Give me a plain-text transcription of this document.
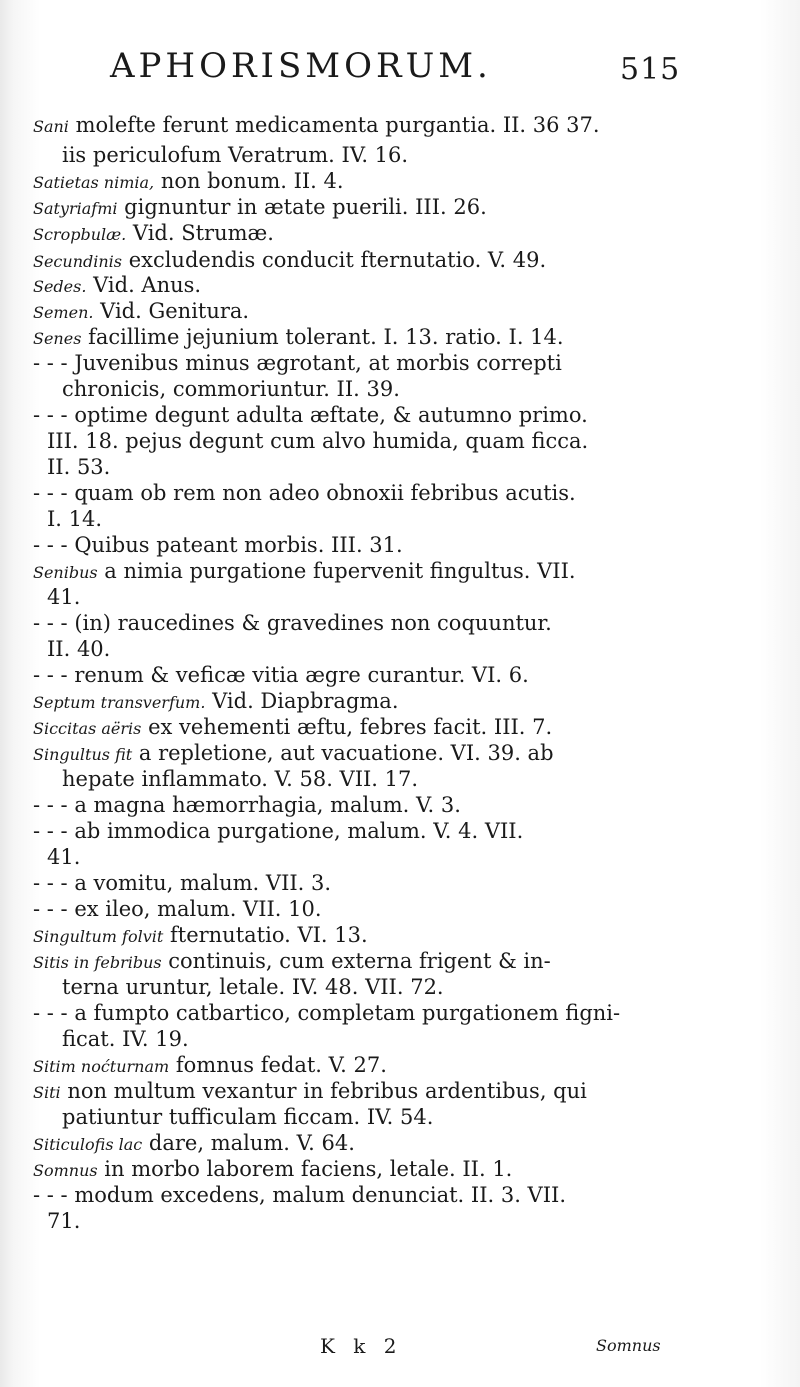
APHORISMORUM.	515
Sani molefte ferunt medicamenta purgantia. II. 36 37.
iis periculofum Veratrum. IV. 16.
Satietas nimia, non bonum. II. 4.
Satyriafmi gignuntur in ætate puerili. III. 26.
Scropbulæ. Vid. Strumæ.
Secundinis excludendis conducit fternutatio. V. 49.
Sedes. Vid. Anus.
Semen. Vid. Genitura.
Senes facillime jejunium tolerant. I. 13. ratio. I. 14.
- - - Juvenibus minus ægrotant, at morbis correpti
chronicis, commoriuntur. II. 39.
- - - optime degunt adulta æftate, & autumno primo.
III. 18. pejus degunt cum alvo humida, quam ficca.
II. 53.
- - - quam ob rem non adeo obnoxii febribus acutis.
I. 14.
- - - Quibus pateant morbis. III. 31.
Senibus a nimia purgatione fupervenit fingultus. VII.
41.
- - - (in) raucedines & gravedines non coquuntur.
II. 40.
- - - renum & veficæ vitia ægre curantur. VI. 6.
Septum transverfum. Vid. Diapbragma.
Siccitas aëris ex vehementi æftu, febres facit. III. 7.
Singultus fit a repletione, aut vacuatione. VI. 39. ab
hepate inflammato. V. 58. VII. 17.
- - - a magna hæmorrhagia, malum. V. 3.
- - - ab immodica purgatione, malum. V. 4. VII.
41.
- - - a vomitu, malum. VII. 3.
- - - ex ileo, malum. VII. 10.
Singultum folvit fternutatio. VI. 13.
Sitis in febribus continuis, cum externa frigent & in-
terna uruntur, letale. IV. 48. VII. 72.
- - - a fumpto catbartico, completam purgationem figni-
ficat. IV. 19.
Sitim noćturnam fomnus fedat. V. 27.
Siti non multum vexantur in febribus ardentibus, qui
patiuntur tufficulam ficcam. IV. 54.
Siticulofis lac dare, malum. V. 64.
Somnus in morbo laborem faciens, letale. II. 1.
- - - modum excedens, malum denunciat. II. 3. VII.
71.
K k 2	Somnus
